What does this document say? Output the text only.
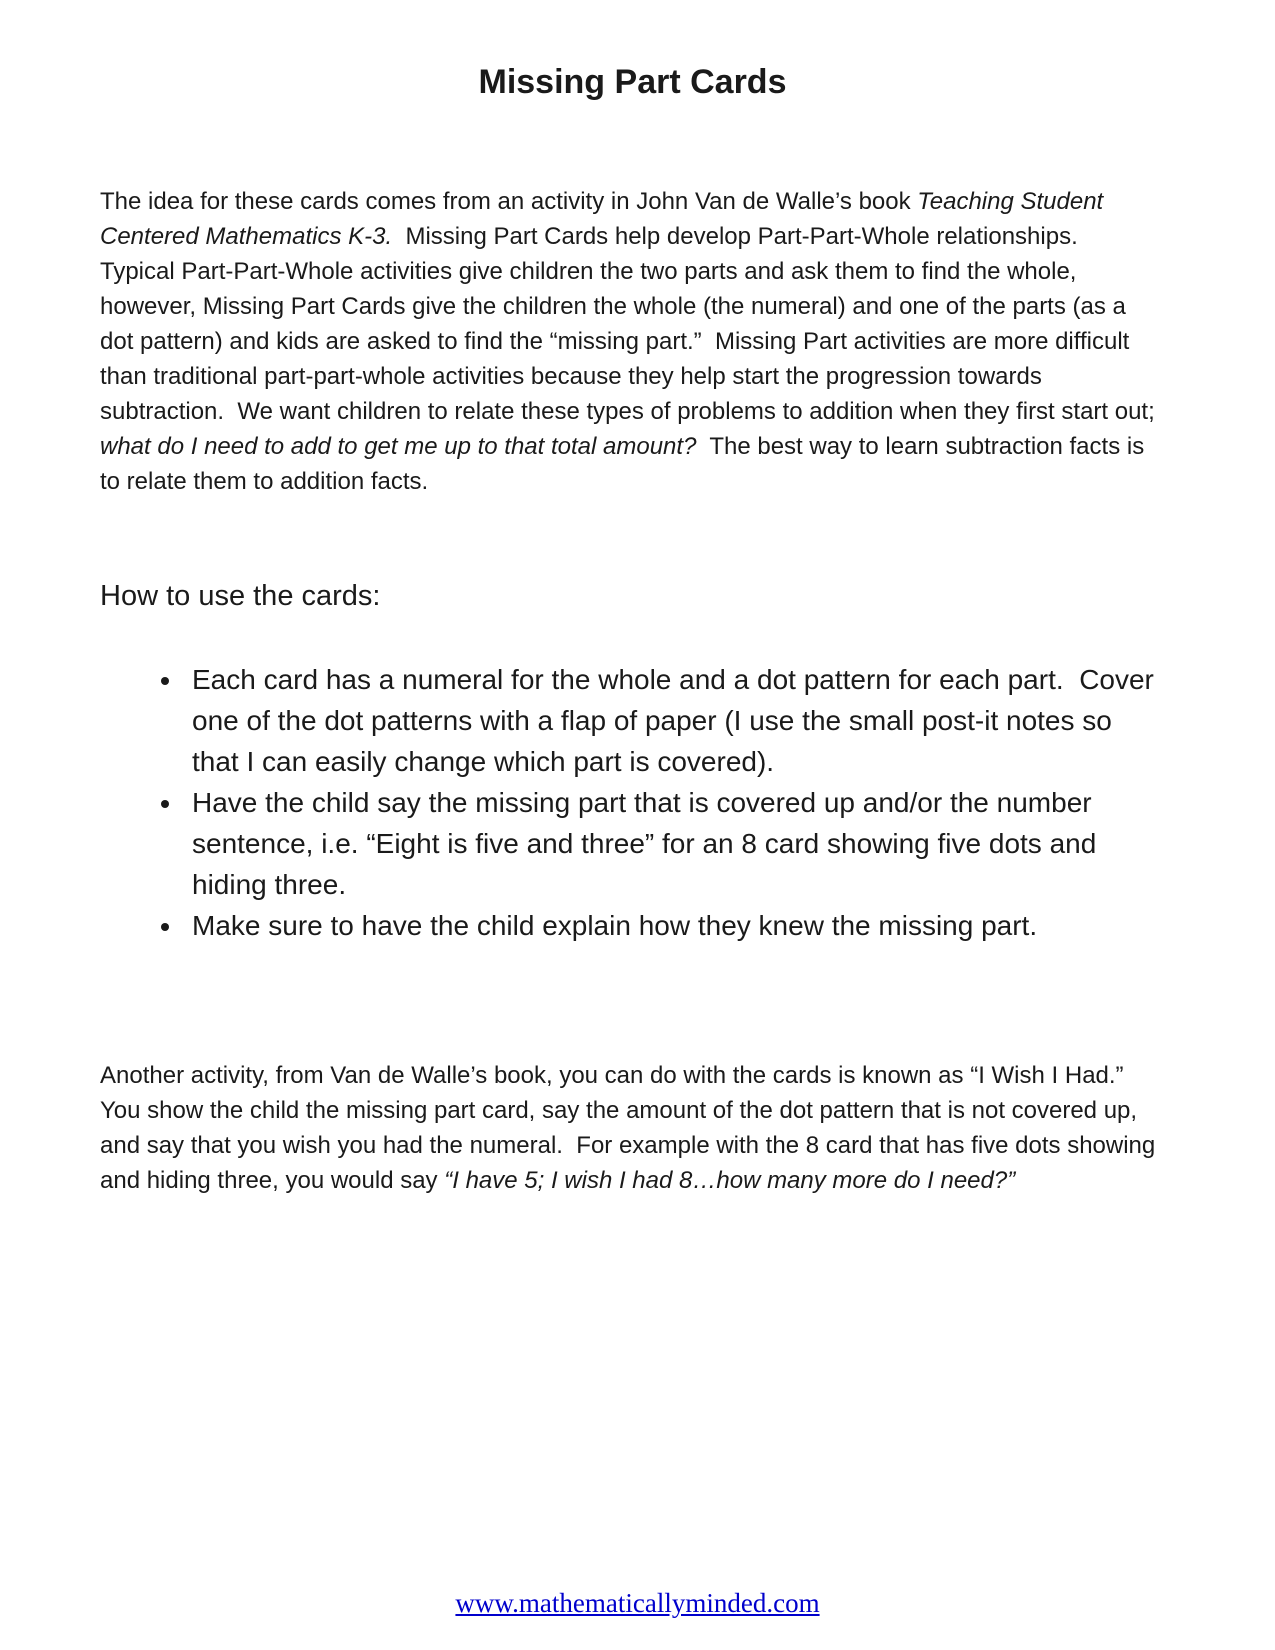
Missing Part Cards

The idea for these cards comes from an activity in John Van de Walle’s book Teaching Student Centered Mathematics K-3.  Missing Part Cards help develop Part-Part-Whole relationships.  Typical Part-Part-Whole activities give children the two parts and ask them to find the whole, however, Missing Part Cards give the children the whole (the numeral) and one of the parts (as a dot pattern) and kids are asked to find the “missing part.”  Missing Part activities are more difficult than traditional part-part-whole activities because they help start the progression towards subtraction.  We want children to relate these types of problems to addition when they first start out; what do I need to add to get me up to that total amount?  The best way to learn subtraction facts is to relate them to addition facts.

How to use the cards:
• Each card has a numeral for the whole and a dot pattern for each part.  Cover one of the dot patterns with a flap of paper (I use the small post-it notes so that I can easily change which part is covered).
• Have the child say the missing part that is covered up and/or the number sentence, i.e. “Eight is five and three” for an 8 card showing five dots and hiding three.
• Make sure to have the child explain how they knew the missing part.

Another activity, from Van de Walle’s book, you can do with the cards is known as “I Wish I Had.”  You show the child the missing part card, say the amount of the dot pattern that is not covered up, and say that you wish you had the numeral.  For example with the 8 card that has five dots showing and hiding three, you would say “I have 5; I wish I had 8…how many more do I need?”

www.mathematicallyminded.com
